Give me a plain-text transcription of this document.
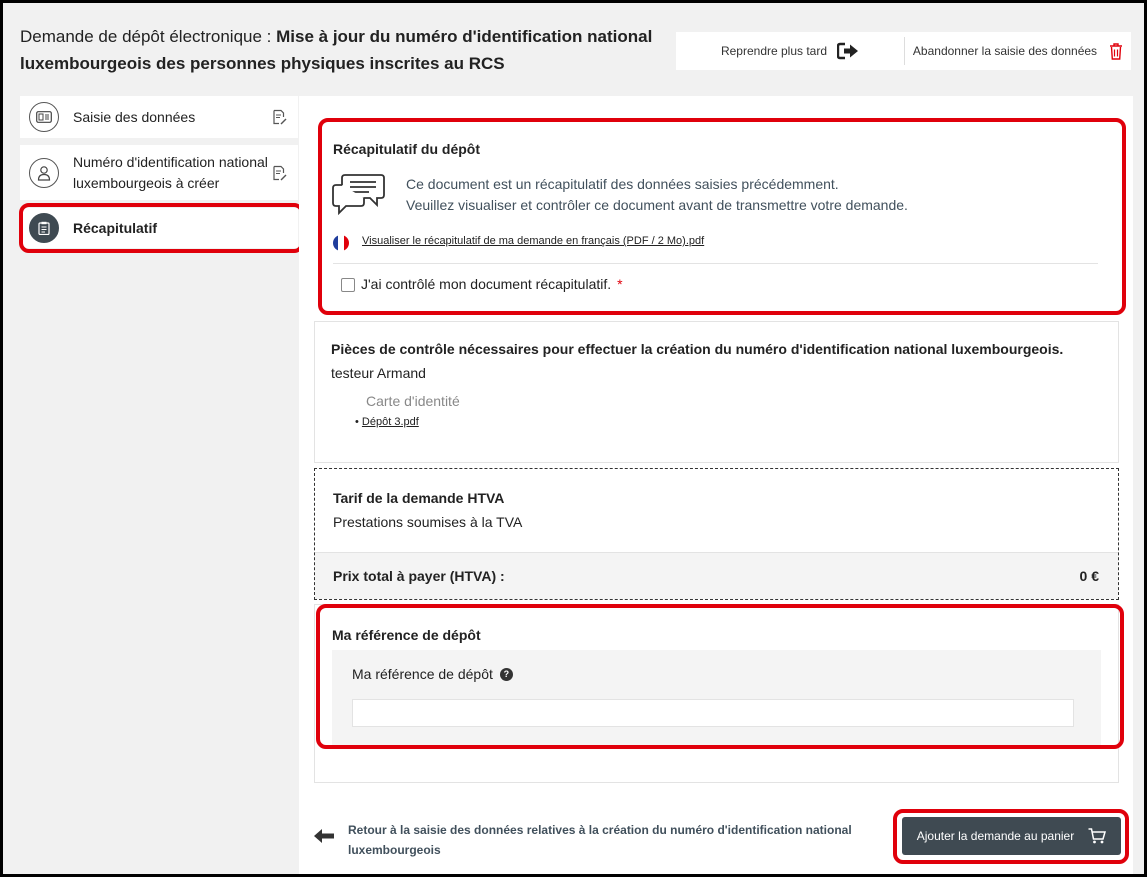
Demande de dépôt électronique : Mise à jour du numéro d'identification national luxembourgeois des personnes physiques inscrites au RCS
Reprendre plus tard	Abandonner la saisie des données
Saisie des données
Numéro d'identification national luxembourgeois à créer
Récapitulatif
Récapitulatif du dépôt
Ce document est un récapitulatif des données saisies précédemment.
Veuillez visualiser et contrôler ce document avant de transmettre votre demande.
Visualiser le récapitulatif de ma demande en français (PDF / 2 Mo).pdf
J'ai contrôlé mon document récapitulatif. *
Pièces de contrôle nécessaires pour effectuer la création du numéro d'identification national luxembourgeois.
testeur Armand
Carte d'identité
• Dépôt 3.pdf
Tarif de la demande HTVA
Prestations soumises à la TVA
Prix total à payer (HTVA) :	0 €
Ma référence de dépôt
Ma référence de dépôt	?
Retour à la saisie des données relatives à la création du numéro d'identification national luxembourgeois
Ajouter la demande au panier
